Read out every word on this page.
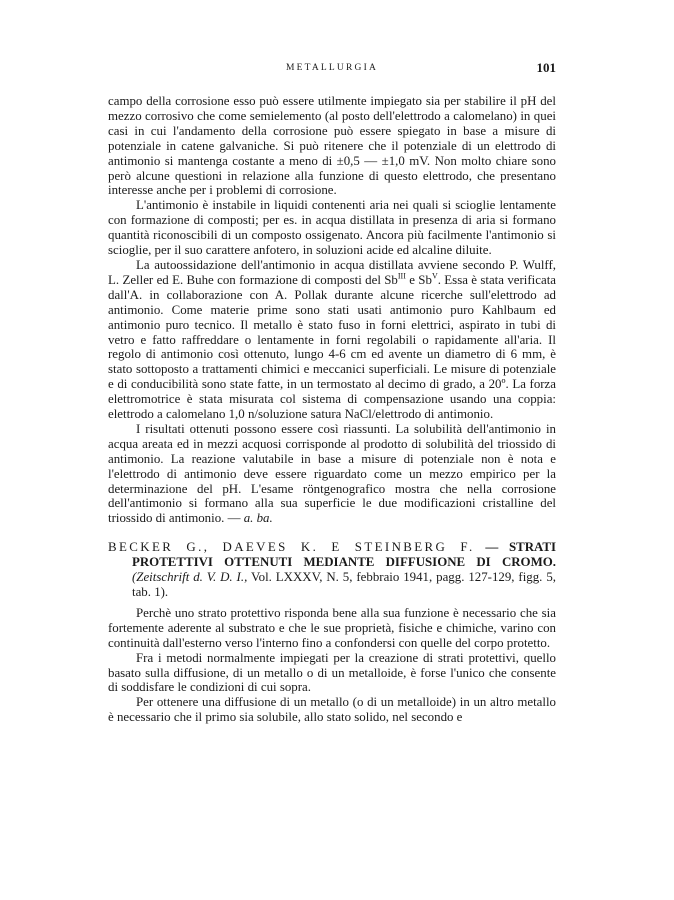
METALLURGIA	101

campo della corrosione esso può essere utilmente impiegato sia per stabilire il pH del mezzo corrosivo che come semielemento (al posto dell'elettrodo a calomelano) in quei casi in cui l'andamento della corrosione può essere spiegato in base a misure di potenziale in catene galvaniche. Si può ritenere che il potenziale di un elettrodo di antimonio si mantenga costante a meno di ±0,5 — ±1,0 mV. Non molto chiare sono però alcune questioni in relazione alla funzione di questo elettrodo, che presentano interesse anche per i problemi di corrosione.

L'antimonio è instabile in liquidi contenenti aria nei quali si scioglie lentamente con formazione di composti; per es. in acqua distillata in presenza di aria si formano quantità riconoscibili di un composto ossigenato. Ancora più facilmente l'antimonio si scioglie, per il suo carattere anfotero, in soluzioni acide ed alcaline diluite.

La autoossidazione dell'antimonio in acqua distillata avviene secondo P. Wulff, L. Zeller ed E. Buhe con formazione di composti del $Sb^{III}$ e $Sb^V$. Essa è stata verificata dall'A. in collaborazione con A. Pollak durante alcune ricerche sull'elettrodo ad antimonio. Come materie prime sono stati usati antimonio puro Kahlbaum ed antimonio puro tecnico. Il metallo è stato fuso in forni elettrici, aspirato in tubi di vetro e fatto raffreddare o lentamente in forni regolabili o rapidamente all'aria. Il regolo di antimonio così ottenuto, lungo 4-6 cm ed avente un diametro di 6 mm, è stato sottoposto a trattamenti chimici e meccanici superficiali. Le misure di potenziale e di conducibilità sono state fatte, in un termostato al decimo di grado, a 20º. La forza elettromotrice è stata misurata col sistema di compensazione usando una coppia: elettrodo a calomelano 1,0 n/soluzione satura NaCl/elettrodo di antimonio.

I risultati ottenuti possono essere così riassunti. La solubilità dell'antimonio in acqua areata ed in mezzi acquosi corrisponde al prodotto di solubilità del triossido di antimonio. La reazione valutabile in base a misure di potenziale non è nota e l'elettrodo di antimonio deve essere riguardato come un mezzo empirico per la determinazione del pH. L'esame röntgenografico mostra che nella corrosione dell'antimonio si formano alla sua superficie le due modificazioni cristalline del triossido di antimonio. — a. ba.

BECKER G., DAEVES K. E STEINBERG F. — STRATI PROTETTIVI OTTENUTI MEDIANTE DIFFUSIONE DI CROMO. (Zeitschrift d. V. D. I., Vol. LXXXV, N. 5, febbraio 1941, pagg. 127-129, figg. 5, tab. 1).

Perchè uno strato protettivo risponda bene alla sua funzione è necessario che sia fortemente aderente al substrato e che le sue proprietà, fisiche e chimiche, varino con continuità dall'esterno verso l'interno fino a confondersi con quelle del corpo protetto.

Fra i metodi normalmente impiegati per la creazione di strati protettivi, quello basato sulla diffusione, di un metallo o di un metalloide, è forse l'unico che consente di soddisfare le condizioni di cui sopra.

Per ottenere una diffusione di un metallo (o di un metalloide) in un altro metallo è necessario che il primo sia solubile, allo stato solido, nel secondo e
